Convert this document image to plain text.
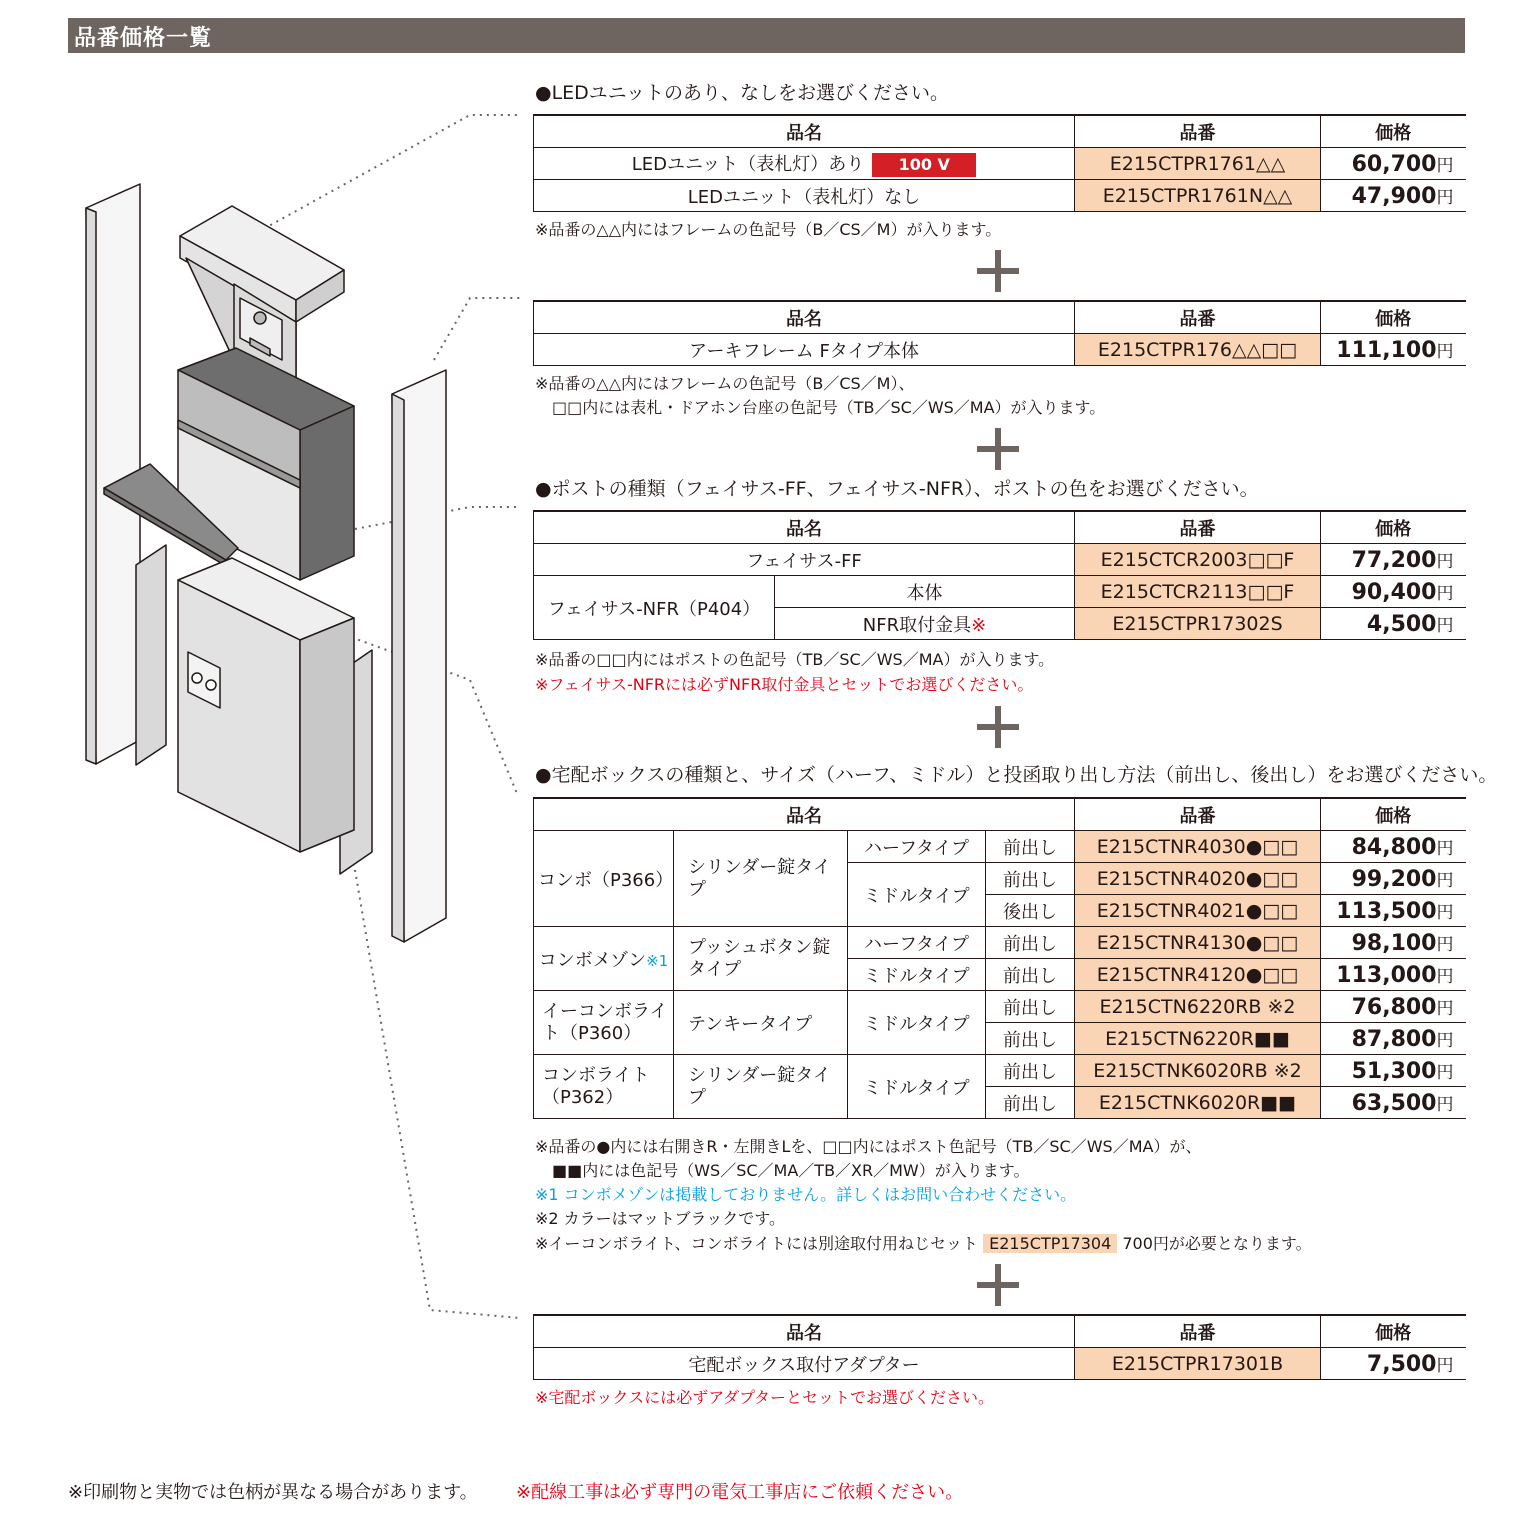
品番価格一覧
●LEDユニットのあり、なしをお選びください。
品名	品番	価格
LEDユニット（表札灯）あり 100 V	E215CTPR1761△△	60,700円
LEDユニット（表札灯）なし	E215CTPR1761N△△	47,900円
※品番の△△内にはフレームの色記号（B／CS／M）が入ります。
品名	品番	価格
アーキフレーム Fタイプ本体	E215CTPR176△△□□	111,100円
※品番の△△内にはフレームの色記号（B／CS／M）、
□□内には表札・ドアホン台座の色記号（TB／SC／WS／MA）が入ります。
●ポストの種類（フェイサス-FF、フェイサス-NFR）、ポストの色をお選びください。
品名		品番	価格
フェイサス-FF		E215CTCR2003□□F	77,200円
フェイサス-NFR（P404）	本体	E215CTCR2113□□F	90,400円
	NFR取付金具※	E215CTPR17302S	4,500円
※品番の□□内にはポストの色記号（TB／SC／WS／MA）が入ります。
※フェイサス-NFRには必ずNFR取付金具とセットでお選びください。
●宅配ボックスの種類と、サイズ（ハーフ、ミドル）と投函取り出し方法（前出し、後出し）をお選びください。
品名				品番	価格
コンボ（P366）	シリンダー錠タイプ	ハーフタイプ	前出し	E215CTNR4030●□□	84,800円
		ミドルタイプ	前出し	E215CTNR4020●□□	99,200円
			後出し	E215CTNR4021●□□	113,500円
コンボメゾン※1	プッシュボタン錠タイプ	ハーフタイプ	前出し	E215CTNR4130●□□	98,100円
		ミドルタイプ	前出し	E215CTNR4120●□□	113,000円
イーコンボライト（P360）	テンキータイプ	ミドルタイプ	前出し	E215CTN6220RB ※2	76,800円
			前出し	E215CTN6220R■■	87,800円
コンボライト（P362）	シリンダー錠タイプ	ミドルタイプ	前出し	E215CTNK6020RB ※2	51,300円
			前出し	E215CTNK6020R■■	63,500円
※品番の●内には右開きR・左開きLを、□□内にはポスト色記号（TB／SC／WS／MA）が、
■■内には色記号（WS／SC／MA／TB／XR／MW）が入ります。
※1 コンボメゾンは掲載しておりません。詳しくはお問い合わせください。
※2 カラーはマットブラックです。
※イーコンボライト、コンボライトには別途取付用ねじセット E215CTP17304 700円が必要となります。
品名	品番	価格
宅配ボックス取付アダプター	E215CTPR17301B	7,500円
※宅配ボックスには必ずアダプターとセットでお選びください。
※印刷物と実物では色柄が異なる場合があります。 ※配線工事は必ず専門の電気工事店にご依頼ください。
